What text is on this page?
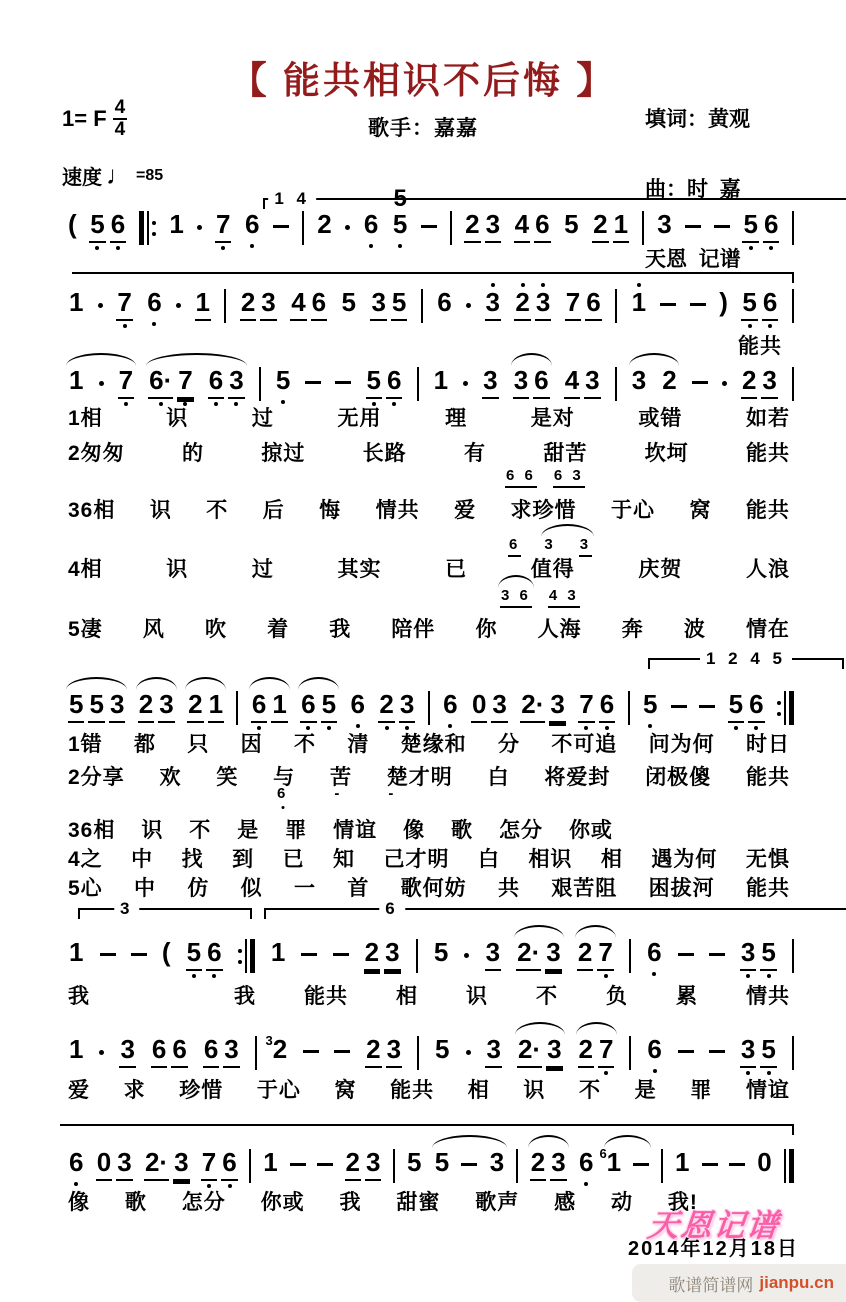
【 能共相识不后悔 】
1= F $\frac{4}{4}$	歌手：嘉嘉	填词：黄观

曲：时  嘉

天恩  记谱
速度 ♩ =85
1 4
1 2 4 5
3	6
( 5 6 1 7 6 2 6 5
5
2 3 4 6 5 2 1 3	5 6
1 7 6 1 2 3 4 6 5 3 5 6 3 2 3 7 6 1	) 5 6
1 7 6· 7 6 3 5	5 6 1 3 3 6 4 3 3 2	2 3
5 5 3 2 3 2 1 6 1 6 5 6 2 3 6 0 3 2· 3 7 6 5	5 6
1	( 5 6 1	2 3 5 3 2· 3 2 7 6	3 5
1 3 6 6 6 3 2
3	2 3 5 3 2· 3 2 7 6	3 5
6 0 3 2· 3 7 6 1	2 3 5 5 3 2 3 6 1
6	1	0
6 6 6 3
6 3 3
3 6 4 3
6	-	-
能共
1相	识	过	无用	理	是对	或错	如若
2匆匆	的	掠过	长路	有	甜苦	坎坷	能共
36相 识 不 后 悔 情共 爱 求珍惜 于心 窝 能共
4相	识	过	其实	已	值得	庆贺	人浪
5凄 风 吹 着 我 陪伴 你 人海 奔 波 情在
1错 都 只 因 不 清 楚缘和 分 不可追 问为何 时日
2分享 欢 笑 与 苦 楚才明 白 将爱封 闭极傻 能共
36相 识 不 是 罪 情谊 像 歌 怎分 你或
4之 中 找 到 已 知 己才明 白 相识 相 遇为何 无惧
5心 中 仿 似 一 首 歌何妨 共 艰苦阻 困拔河 能共
我	我 能共 相 识 不 负 累 情共
爱 求 珍惜 于心 窝 能共 相 识 不 是 罪 情谊
像 歌 怎分 你或 我 甜蜜 歌声 感 动 我!
天恩记谱
2014年12月18日
歌谱简谱网 jianpu.cn
